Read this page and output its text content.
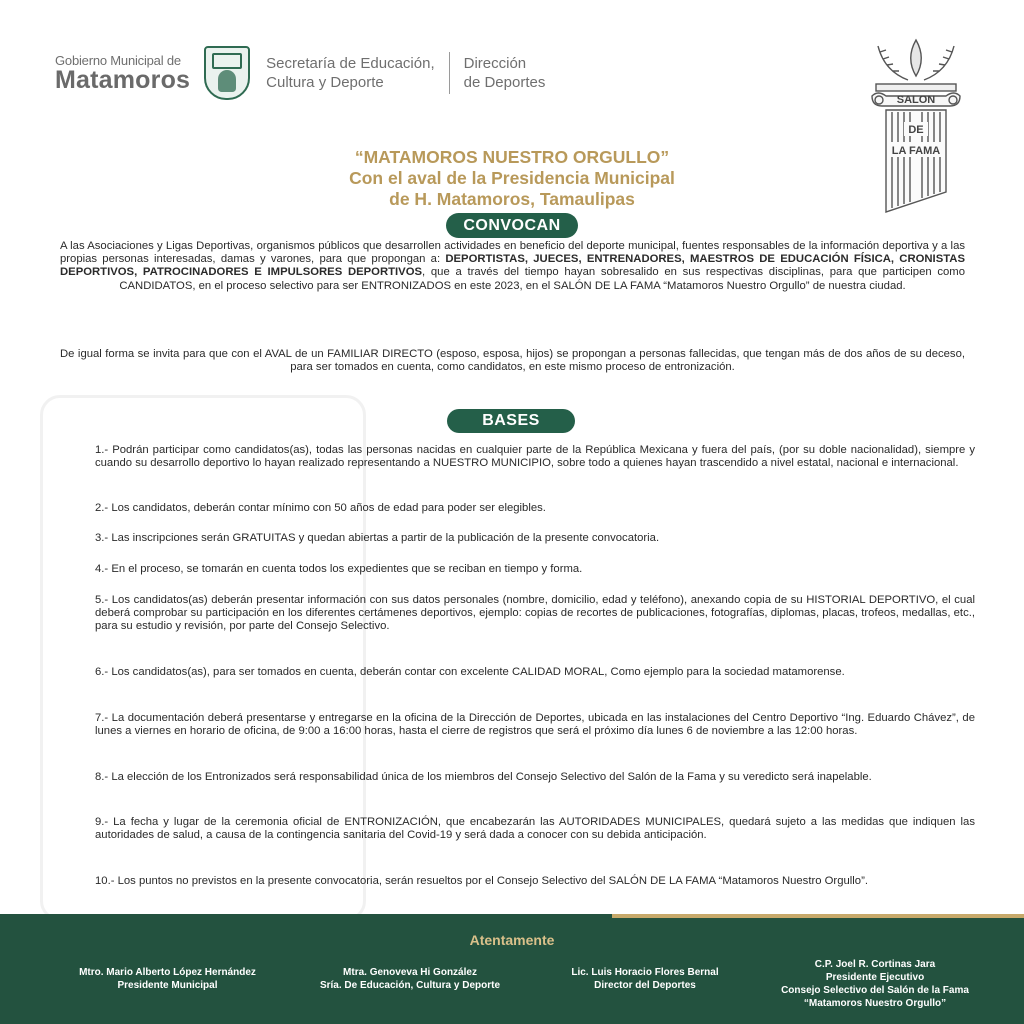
Gobierno Municipal de
Matamoros
Secretaría de Educación,
Cultura y Deporte
Dirección
de Deportes
SALON
DE
LA FAMA
“MATAMOROS NUESTRO ORGULLO”
Con el aval de la Presidencia Municipal
de H. Matamoros, Tamaulipas
CONVOCAN
A las Asociaciones y Ligas Deportivas, organismos públicos que desarrollen actividades en beneficio del deporte municipal, fuentes responsables de la información deportiva y a las propias personas interesadas, damas y varones, para que propongan a: DEPORTISTAS, JUECES, ENTRENADORES, MAESTROS DE EDUCACIÓN FÍSICA, CRONISTAS DEPORTIVOS, PATROCINADORES E IMPULSORES DEPORTIVOS, que a través del tiempo hayan sobresalido en sus respectivas disciplinas, para que participen como CANDIDATOS, en el proceso selectivo para ser ENTRONIZADOS en este 2023, en el SALÓN DE LA FAMA “Matamoros Nuestro Orgullo” de nuestra ciudad.
De igual forma se invita para que con el AVAL de un FAMILIAR DIRECTO (esposo, esposa, hijos) se propongan a personas fallecidas, que tengan más de dos años de su deceso, para ser tomados en cuenta, como candidatos, en este mismo proceso de entronización.
BASES

1.- Podrán participar como candidatos(as), todas las personas nacidas en cualquier parte de la República Mexicana y fuera del país, (por su doble nacionalidad), siempre y cuando su desarrollo deportivo lo hayan realizado representando a NUESTRO MUNICIPIO, sobre todo a quienes hayan trascendido a nivel estatal, nacional e internacional.
2.- Los candidatos, deberán contar mínimo con 50 años de edad para poder ser elegibles.
3.- Las inscripciones serán GRATUITAS y quedan abiertas a partir de la publicación de la presente convocatoria.
4.- En el proceso, se tomarán en cuenta todos los expedientes que se reciban en tiempo y forma.
5.- Los candidatos(as) deberán presentar información con sus datos personales (nombre, domicilio, edad y teléfono), anexando copia de su HISTORIAL DEPORTIVO, el cual deberá comprobar su participación en los diferentes certámenes deportivos, ejemplo: copias de recortes de publicaciones, fotografías, diplomas, placas, trofeos, medallas, etc., para su estudio y revisión, por parte del Consejo Selectivo.
6.- Los candidatos(as), para ser tomados en cuenta, deberán contar con excelente CALIDAD MORAL, Como ejemplo para la sociedad matamorense.
7.- La documentación deberá presentarse y entregarse en la oficina de la Dirección de Deportes, ubicada en las instalaciones del Centro Deportivo “Ing. Eduardo Chávez”, de lunes a viernes en horario de oficina, de 9:00 a 16:00 horas, hasta el cierre de registros que será el próximo día lunes 6 de noviembre a las 12:00 horas.
8.- La elección de los Entronizados será responsabilidad única de los miembros del Consejo Selectivo del Salón de la Fama y su veredicto será inapelable.
9.- La fecha y lugar de la ceremonia oficial de ENTRONIZACIÓN, que encabezarán las AUTORIDADES MUNICIPALES, quedará sujeto a las medidas que indiquen las autoridades de salud, a causa de la contingencia sanitaria del Covid-19 y será dada a conocer con su debida anticipación.
10.- Los puntos no previstos en la presente convocatoria, serán resueltos por el Consejo Selectivo del SALÓN DE LA FAMA “Matamoros Nuestro Orgullo”.
Atentamente
Mtro. Mario Alberto López Hernández
Presidente Municipal
Mtra. Genoveva Hi González
Sría. De Educación, Cultura y Deporte
Lic. Luis Horacio Flores Bernal
Director del Deportes
C.P. Joel R. Cortinas Jara
Presidente Ejecutivo
Consejo Selectivo del Salón de la Fama
“Matamoros Nuestro Orgullo”
